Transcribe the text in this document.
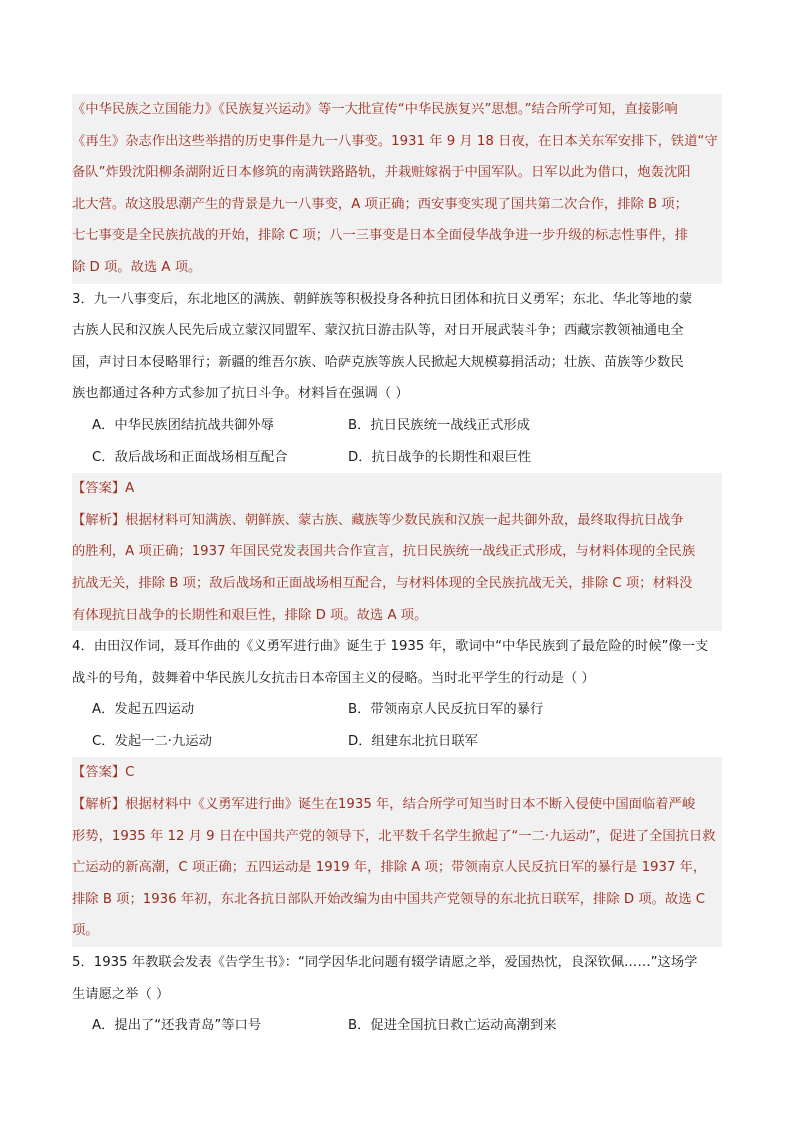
《中华民族之立国能力》《民族复兴运动》等一大批宣传“中华民族复兴”思想。”结合所学可知，直接影响

《再生》杂志作出这些举措的历史事件是九一八事变。1931 年 9 月 18 日夜，在日本关东军安排下，铁道“守

备队”炸毁沈阳柳条湖附近日本修筑的南满铁路路轨，并栽赃嫁祸于中国军队。日军以此为借口，炮轰沈阳

北大营。故这股思潮产生的背景是九一八事变，A 项正确；西安事变实现了国共第二次合作，排除 B 项；

七七事变是全民族抗战的开始，排除 C 项；八一三事变是日本全面侵华战争进一步升级的标志性事件，排

除 D 项。故选 A 项。

3．九一八事变后，东北地区的满族、朝鲜族等积极投身各种抗日团体和抗日义勇军；东北、华北等地的蒙

古族人民和汉族人民先后成立蒙汉同盟军、蒙汉抗日游击队等，对日开展武装斗争；西藏宗教领袖通电全

国，声讨日本侵略罪行；新疆的维吾尔族、哈萨克族等族人民掀起大规模募捐活动；壮族、苗族等少数民

族也都通过各种方式参加了抗日斗争。材料旨在强调（ ）

A．中华民族团结抗战共御外辱	B．抗日民族统一战线正式形成
C．敌后战场和正面战场相互配合	D．抗日战争的长期性和艰巨性

【答案】A

【解析】根据材料可知满族、朝鲜族、蒙古族、藏族等少数民族和汉族一起共御外敌，最终取得抗日战争

的胜利，A 项正确；1937 年国民党发表国共合作宣言，抗日民族统一战线正式形成，与材料体现的全民族

抗战无关，排除 B 项；敌后战场和正面战场相互配合，与材料体现的全民族抗战无关，排除 C 项；材料没

有体现抗日战争的长期性和艰巨性，排除 D 项。故选 A 项。

4．由田汉作词，聂耳作曲的《义勇军进行曲》诞生于 1935 年，歌词中“中华民族到了最危险的时候”像一支

战斗的号角，鼓舞着中华民族儿女抗击日本帝国主义的侵略。当时北平学生的行动是（ ）

A．发起五四运动	B．带领南京人民反抗日军的暴行
C．发起一二·九运动	D．组建东北抗日联军

【答案】C

【解析】根据材料中《义勇军进行曲》诞生在1935 年，结合所学可知当时日本不断入侵使中国面临着严峻

形势，1935 年 12 月 9 日在中国共产党的领导下，北平数千名学生掀起了“一二·九运动”，促进了全国抗日救

亡运动的新高潮，C 项正确；五四运动是 1919 年，排除 A 项；带领南京人民反抗日军的暴行是 1937 年，

排除 B 项；1936 年初，东北各抗日部队开始改编为由中国共产党领导的东北抗日联军，排除 D 项。故选 C

项。

5．1935 年教联会发表《告学生书》：“同学因华北问题有辍学请愿之举，爱国热忱，良深钦佩……”这场学

生请愿之举（ ）

A．提出了“还我青岛”等口号	B．促进全国抗日救亡运动高潮到来
